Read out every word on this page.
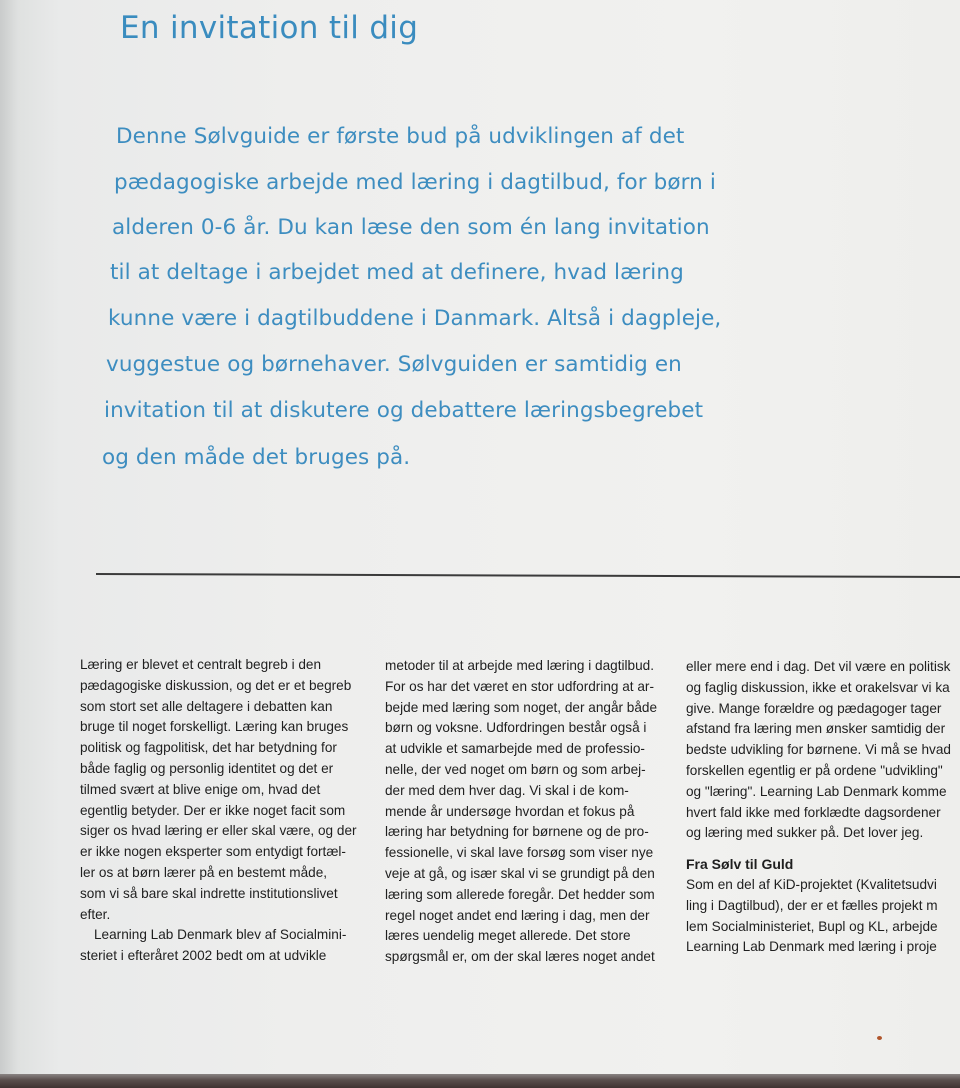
En invitation til dig
Denne Sølvguide er første bud på udviklingen af det
pædagogiske arbejde med læring i dagtilbud, for børn i
alderen 0-6 år. Du kan læse den som én lang invitation
til at deltage i arbejdet med at definere, hvad læring
kunne være i dagtilbuddene i Danmark. Altså i dagpleje,
vuggestue og børnehaver. Sølvguiden er samtidig en
invitation til at diskutere og debattere læringsbegrebet
og den måde det bruges på.
Læring er blevet et centralt begreb i den
pædagogiske diskussion, og det er et begreb
som stort set alle deltagere i debatten kan
bruge til noget forskelligt. Læring kan bruges
politisk og fagpolitisk, det har betydning for
både faglig og personlig identitet og det er
tilmed svært at blive enige om, hvad det
egentlig betyder. Der er ikke noget facit som
siger os hvad læring er eller skal være, og der
er ikke nogen eksperter som entydigt fortæl-
ler os at børn lærer på en bestemt måde,
som vi så bare skal indrette institutionslivet
efter.
Learning Lab Denmark blev af Socialmini-
steriet i efteråret 2002 bedt om at udvikle
metoder til at arbejde med læring i dagtilbud.
For os har det været en stor udfordring at ar-
bejde med læring som noget, der angår både
børn og voksne. Udfordringen består også i
at udvikle et samarbejde med de professio-
nelle, der ved noget om børn og som arbej-
der med dem hver dag. Vi skal i de kom-
mende år undersøge hvordan et fokus på
læring har betydning for børnene og de pro-
fessionelle, vi skal lave forsøg som viser nye
veje at gå, og især skal vi se grundigt på den
læring som allerede foregår. Det hedder som
regel noget andet end læring i dag, men der
læres uendelig meget allerede. Det store
spørgsmål er, om der skal læres noget andet
eller mere end i dag. Det vil være en politisk
og faglig diskussion, ikke et orakelsvar vi ka
give. Mange forældre og pædagoger tager
afstand fra læring men ønsker samtidig der
bedste udvikling for børnene. Vi må se hvad
forskellen egentlig er på ordene "udvikling"
og "læring". Learning Lab Denmark komme
hvert fald ikke med forklædte dagsordener
og læring med sukker på. Det lover jeg.
Fra Sølv til Guld
Som en del af KiD-projektet (Kvalitetsudvi
ling i Dagtilbud), der er et fælles projekt m
lem Socialministeriet, Bupl og KL, arbejde
Learning Lab Denmark med læring i proje
